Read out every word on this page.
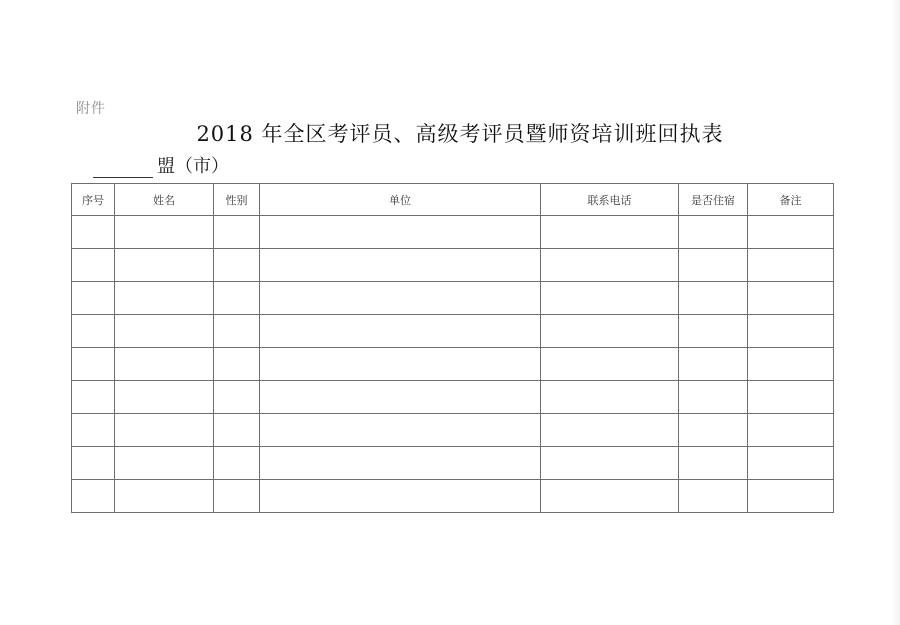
附件
2018 年全区考评员、高级考评员暨师资培训班回执表
盟（市）
序号	姓名	性别	单位	联系电话	是否住宿	备注
